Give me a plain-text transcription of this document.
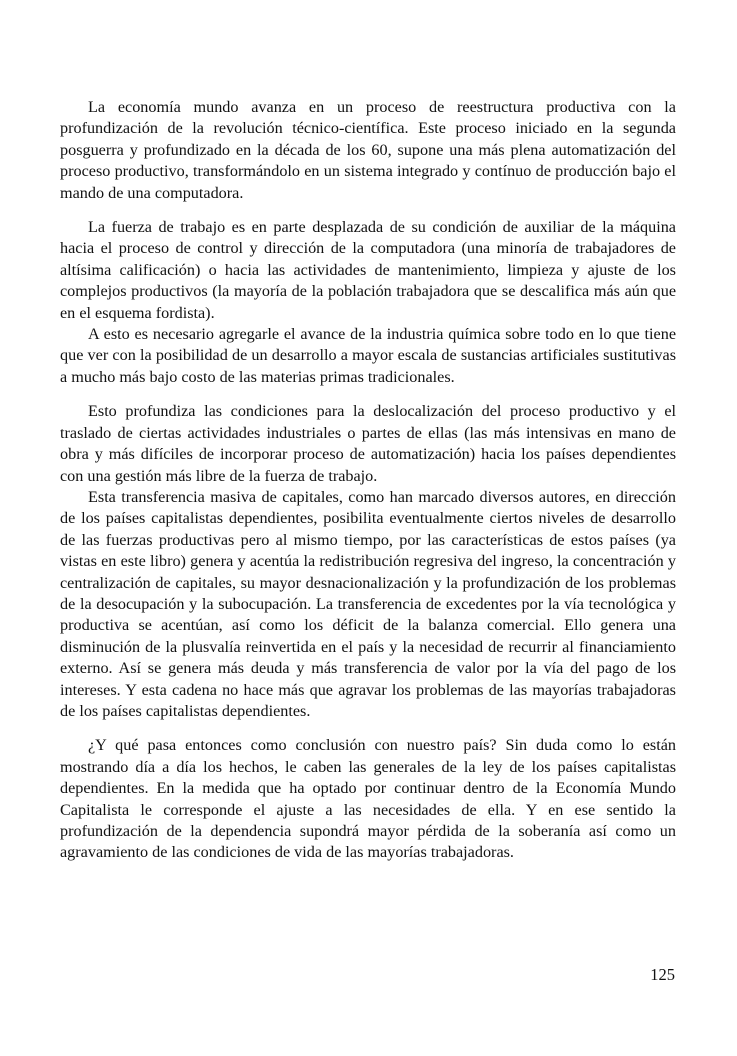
La economía mundo avanza en un proceso de reestructura productiva con la profundización de la revolución técnico-científica. Este proceso iniciado en la segunda posguerra y profundizado en la década de los 60, supone una más plena automatización del proceso productivo, transformándolo en un sistema integrado y contínuo de producción bajo el mando de una computadora.

La fuerza de trabajo es en parte desplazada de su condición de auxiliar de la máquina hacia el proceso de control y dirección de la computadora (una minoría de trabajadores de altísima calificación) o hacia las actividades de mantenimiento, limpieza y ajuste de los complejos productivos (la mayoría de la población trabajadora que se descalifica más aún que en el esquema fordista).

A esto es necesario agregarle el avance de la industria química sobre todo en lo que tiene que ver con la posibilidad de un desarrollo a mayor escala de sustancias artificiales sustitutivas a mucho más bajo costo de las materias primas tradicionales.

Esto profundiza las condiciones para la deslocalización del proceso productivo y el traslado de ciertas actividades industriales o partes de ellas (las más intensivas en mano de obra y más difíciles de incorporar proceso de automatización) hacia los países dependientes con una gestión más libre de la fuerza de trabajo.

Esta transferencia masiva de capitales, como han marcado diversos autores, en dirección de los países capitalistas dependientes, posibilita eventualmente ciertos niveles de desarrollo de las fuerzas productivas pero al mismo tiempo, por las características de estos países (ya vistas en este libro) genera y acentúa la redistribución regresiva del ingreso, la concentración y centralización de capitales, su mayor desnacionalización y la profundización de los problemas de la desocupación y la subocupación. La transferencia de excedentes por la vía tecnológica y productiva se acentúan, así como los déficit de la balanza comercial. Ello genera una disminución de la plusvalía reinvertida en el país y la necesidad de recurrir al financiamiento externo. Así se genera más deuda y más transferencia de valor por la vía del pago de los intereses. Y esta cadena no hace más que agravar los problemas de las mayorías trabajadoras de los países capitalistas dependientes.

¿Y qué pasa entonces como conclusión con nuestro país? Sin duda como lo están mostrando día a día los hechos, le caben las generales de la ley de los países capitalistas dependientes. En la medida que ha optado por continuar dentro de la Economía Mundo Capitalista le corresponde el ajuste a las necesidades de ella. Y en ese sentido la profundización de la dependencia supondrá mayor pérdida de la soberanía así como un agravamiento de las condiciones de vida de las mayorías trabajadoras.

125
